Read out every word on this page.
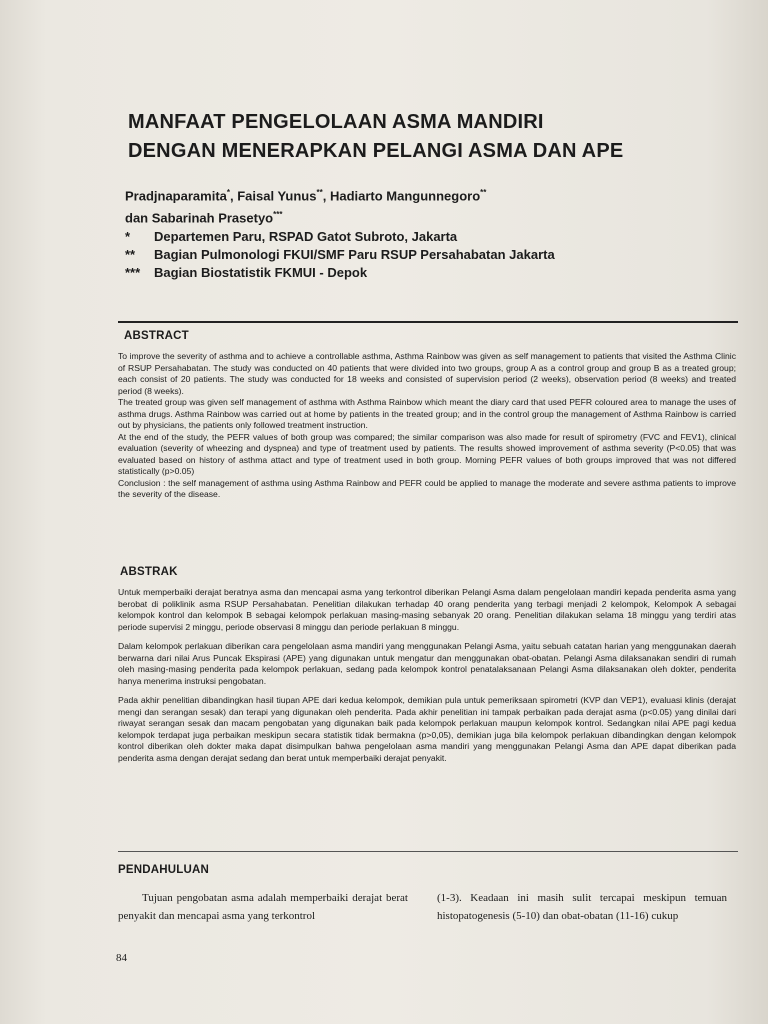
MANFAAT PENGELOLAAN ASMA MANDIRI
DENGAN MENERAPKAN PELANGI ASMA DAN APE
Pradjnaparamita*, Faisal Yunus**, Hadiarto Mangunnegoro**
dan Sabarinah Prasetyo***
*	Departemen Paru, RSPAD Gatot Subroto, Jakarta
**	Bagian Pulmonologi FKUI/SMF Paru RSUP Persahabatan Jakarta
***	Bagian Biostatistik FKMUI - Depok
ABSTRACT

To improve the severity of asthma and to achieve a controllable asthma, Asthma Rainbow was given as self management to patients that visited the Asthma Clinic of RSUP Persahabatan. The study was conducted on 40 patients that were divided into two groups, group A as a control group and group B as a treated group; each consist of 20 patients. The study was conducted for 18 weeks and consisted of supervision period (2 weeks), observation period (8 weeks) and treated period (8 weeks).

The treated group was given self management of asthma with Asthma Rainbow which meant the diary card that used PEFR coloured area to manage the uses of asthma drugs. Asthma Rainbow was carried out at home by patients in the treated group; and in the control group the management of Asthma Rainbow is carried out by physicians, the patients only followed treatment instruction.

At the end of the study, the PEFR values of both group was compared; the similar comparison was also made for result of spirometry (FVC and FEV1), clinical evaluation (severity of wheezing and dyspnea) and type of treatment used by patients. The results showed improvement of asthma severity (P<0.05) that was evaluated based on history of asthma attact and type of treatment used in both group. Morning PEFR values of both groups improved that was not differed statistically (p>0.05)

Conclusion : the self management of asthma using Asthma Rainbow and PEFR could be applied to manage the moderate and severe asthma patients to improve the severity of the disease.

ABSTRAK

Untuk memperbaiki derajat beratnya asma dan mencapai asma yang terkontrol diberikan Pelangi Asma dalam pengelolaan mandiri kepada penderita asma yang berobat di poliklinik asma RSUP Persahabatan. Penelitian dilakukan terhadap 40 orang penderita yang terbagi menjadi 2 kelompok, Kelompok A sebagai kelompok kontrol dan kelompok B sebagai kelompok perlakuan masing-masing sebanyak 20 orang. Penelitian dilakukan selama 18 minggu yang terdiri atas periode supervisi 2 minggu, periode observasi 8 minggu dan periode perlakuan 8 minggu.

Dalam kelompok perlakuan diberikan cara pengelolaan asma mandiri yang menggunakan Pelangi Asma, yaitu sebuah catatan harian yang menggunakan daerah berwarna dari nilai Arus Puncak Ekspirasi (APE) yang digunakan untuk mengatur dan menggunakan obat-obatan. Pelangi Asma dilaksanakan sendiri di rumah oleh masing-masing penderita pada kelompok perlakuan, sedang pada kelompok kontrol penatalaksanaan Pelangi Asma dilaksanakan oleh dokter, penderita hanya menerima instruksi pengobatan.

Pada akhir penelitian dibandingkan hasil tiupan APE dari kedua kelompok, demikian pula untuk pemeriksaan spirometri (KVP dan VEP1), evaluasi klinis (derajat mengi dan serangan sesak) dan terapi yang digunakan oleh penderita. Pada akhir penelitian ini tampak perbaikan pada derajat asma (p<0.05) yang dinilai dari riwayat serangan sesak dan macam pengobatan yang digunakan baik pada kelompok perlakuan maupun kelompok kontrol. Sedangkan nilai APE pagi kedua kelompok terdapat juga perbaikan meskipun secara statistik tidak bermakna (p>0,05), demikian juga bila kelompok perlakuan dibandingkan dengan kelompok kontrol diberikan oleh dokter maka dapat disimpulkan bahwa pengelolaan asma mandiri yang menggunakan Pelangi Asma dan APE dapat diberikan pada penderita asma dengan derajat sedang dan berat untuk memperbaiki derajat penyakit.

PENDAHULUAN
Tujuan pengobatan asma adalah memperbaiki derajat berat penyakit dan mencapai asma yang terkontrol
(1-3). Keadaan ini masih sulit tercapai meskipun temuan histopatogenesis (5-10) dan obat-obatan (11-16) cukup
84
